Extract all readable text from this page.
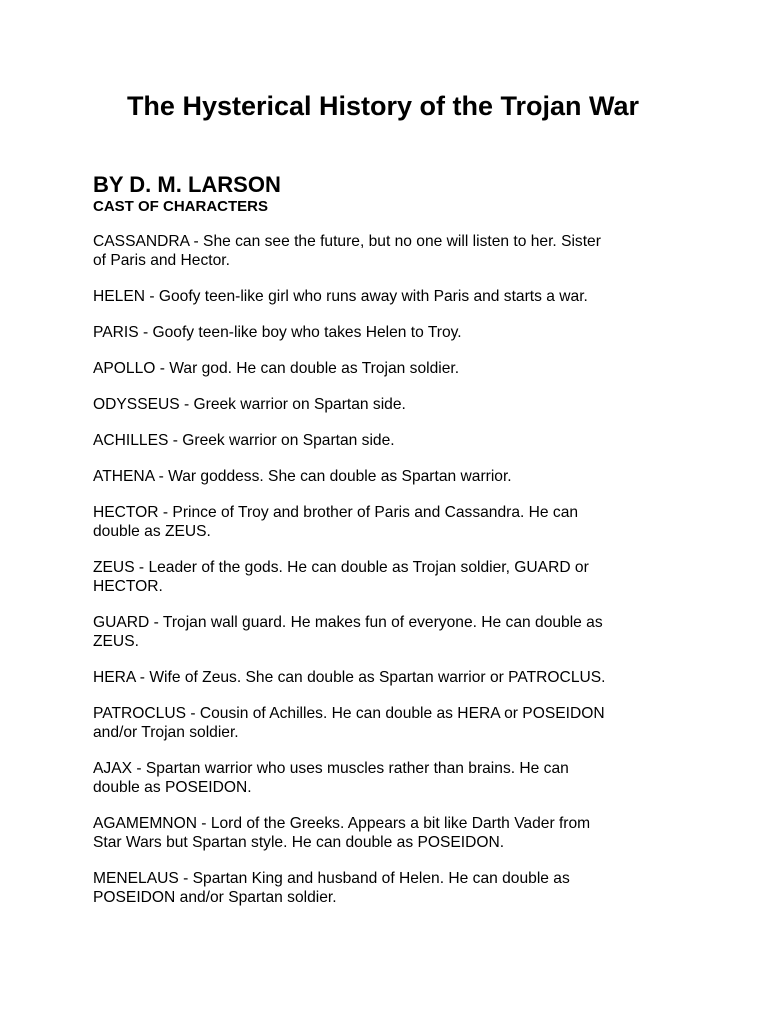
The Hysterical History of the Trojan War
BY D. M. LARSON
CAST OF CHARACTERS
CASSANDRA - She can see the future, but no one will listen to her. Sister
of Paris and Hector.
HELEN - Goofy teen-like girl who runs away with Paris and starts a war.
PARIS - Goofy teen-like boy who takes Helen to Troy.
APOLLO - War god. He can double as Trojan soldier.
ODYSSEUS - Greek warrior on Spartan side.
ACHILLES - Greek warrior on Spartan side.
ATHENA - War goddess. She can double as Spartan warrior.
HECTOR - Prince of Troy and brother of Paris and Cassandra. He can
double as ZEUS.
ZEUS - Leader of the gods. He can double as Trojan soldier, GUARD or
HECTOR.
GUARD - Trojan wall guard. He makes fun of everyone. He can double as
ZEUS.
HERA - Wife of Zeus. She can double as Spartan warrior or PATROCLUS.
PATROCLUS - Cousin of Achilles. He can double as HERA or POSEIDON
and/or Trojan soldier.
AJAX - Spartan warrior who uses muscles rather than brains. He can
double as POSEIDON.
AGAMEMNON - Lord of the Greeks. Appears a bit like Darth Vader from
Star Wars but Spartan style. He can double as POSEIDON.
MENELAUS - Spartan King and husband of Helen. He can double as
POSEIDON and/or Spartan soldier.
